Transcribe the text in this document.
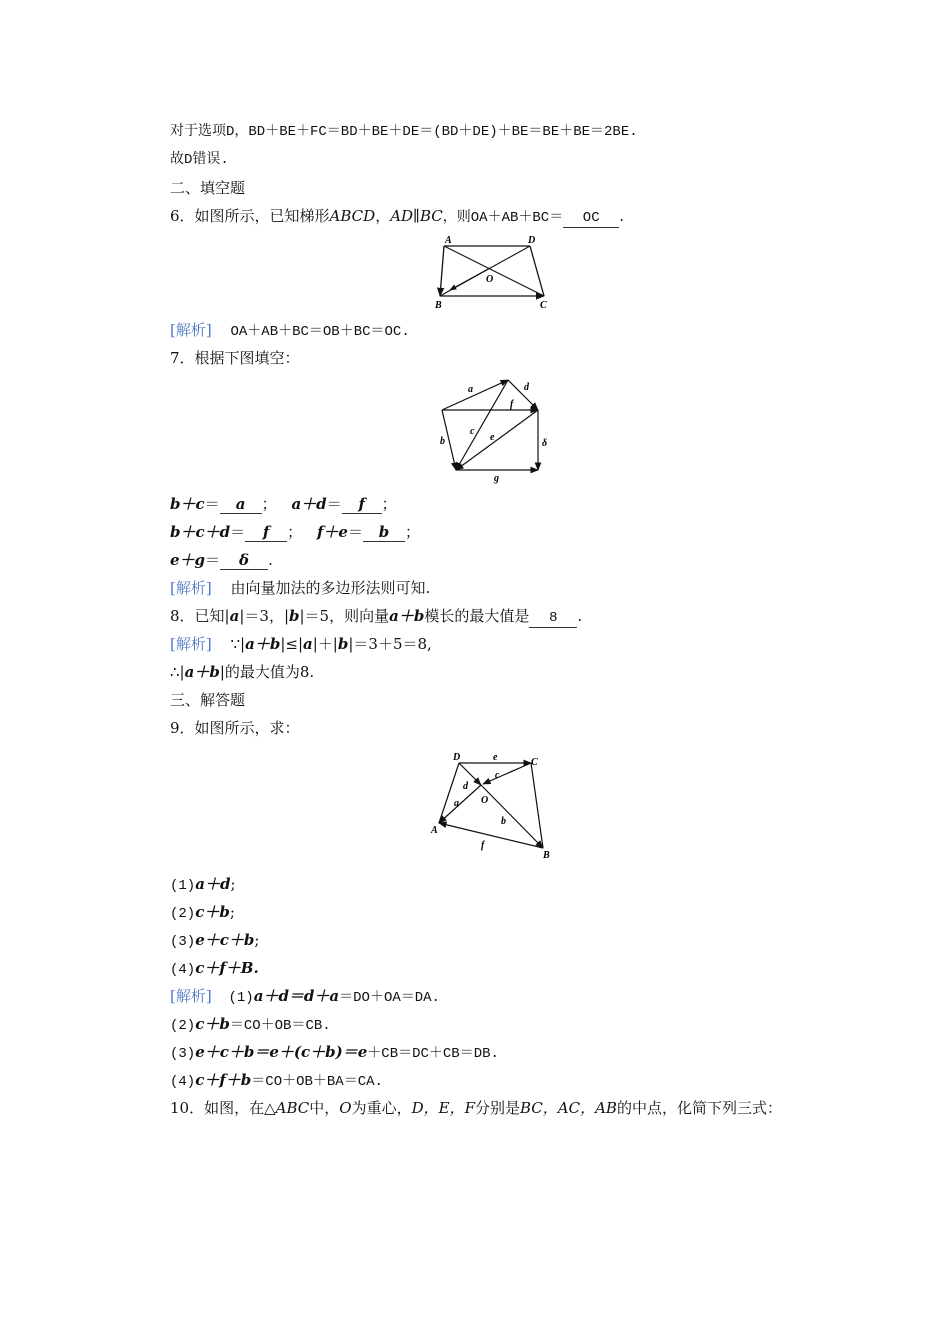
对于选项D，BD＋BE＋FC＝BD＋BE＋DE＝(BD＋DE)＋BE＝BE＋BE＝2BE.
故D错误.
二、填空题
6．如图所示，已知梯形ABCD，AD∥BC，则OA＋AB＋BC＝ OC .
A	D
O
B	C
[解析] OA＋AB＋BC＝OB＋BC＝OC.
7．根据下图填空：
a	d
f
b
c
e
δ
g
b＋c＝ a ； a＋d＝ f ；
b＋c＋d＝ f ； f＋e＝ b ；
e＋g＝ δ .
[解析] 由向量加法的多边形法则可知.
8．已知|a|＝3，|b|＝5，则向量a＋b模长的最大值是 8 .
[解析] ∵|a＋b|≤|a|＋|b|＝3＋5＝8,
∴|a＋b|的最大值为8.
三、解答题
9．如图所示，求：
D	C
e
c
d
O
a
b
A
f
B
(1)a＋d;
(2)c＋b;
(3)e＋c＋b;
(4)c＋f＋B.
[解析] (1)a＋d＝d＋a＝DO＋OA＝DA.
(2)c＋b＝CO＋OB＝CB.
(3)e＋c＋b＝e＋(c＋b)＝e＋CB＝DC＋CB＝DB.
(4)c＋f＋b＝CO＋OB＋BA＝CA.
10．如图，在△ABC中，O为重心，D，E，F分别是BC，AC，AB的中点，化简下列三式：
